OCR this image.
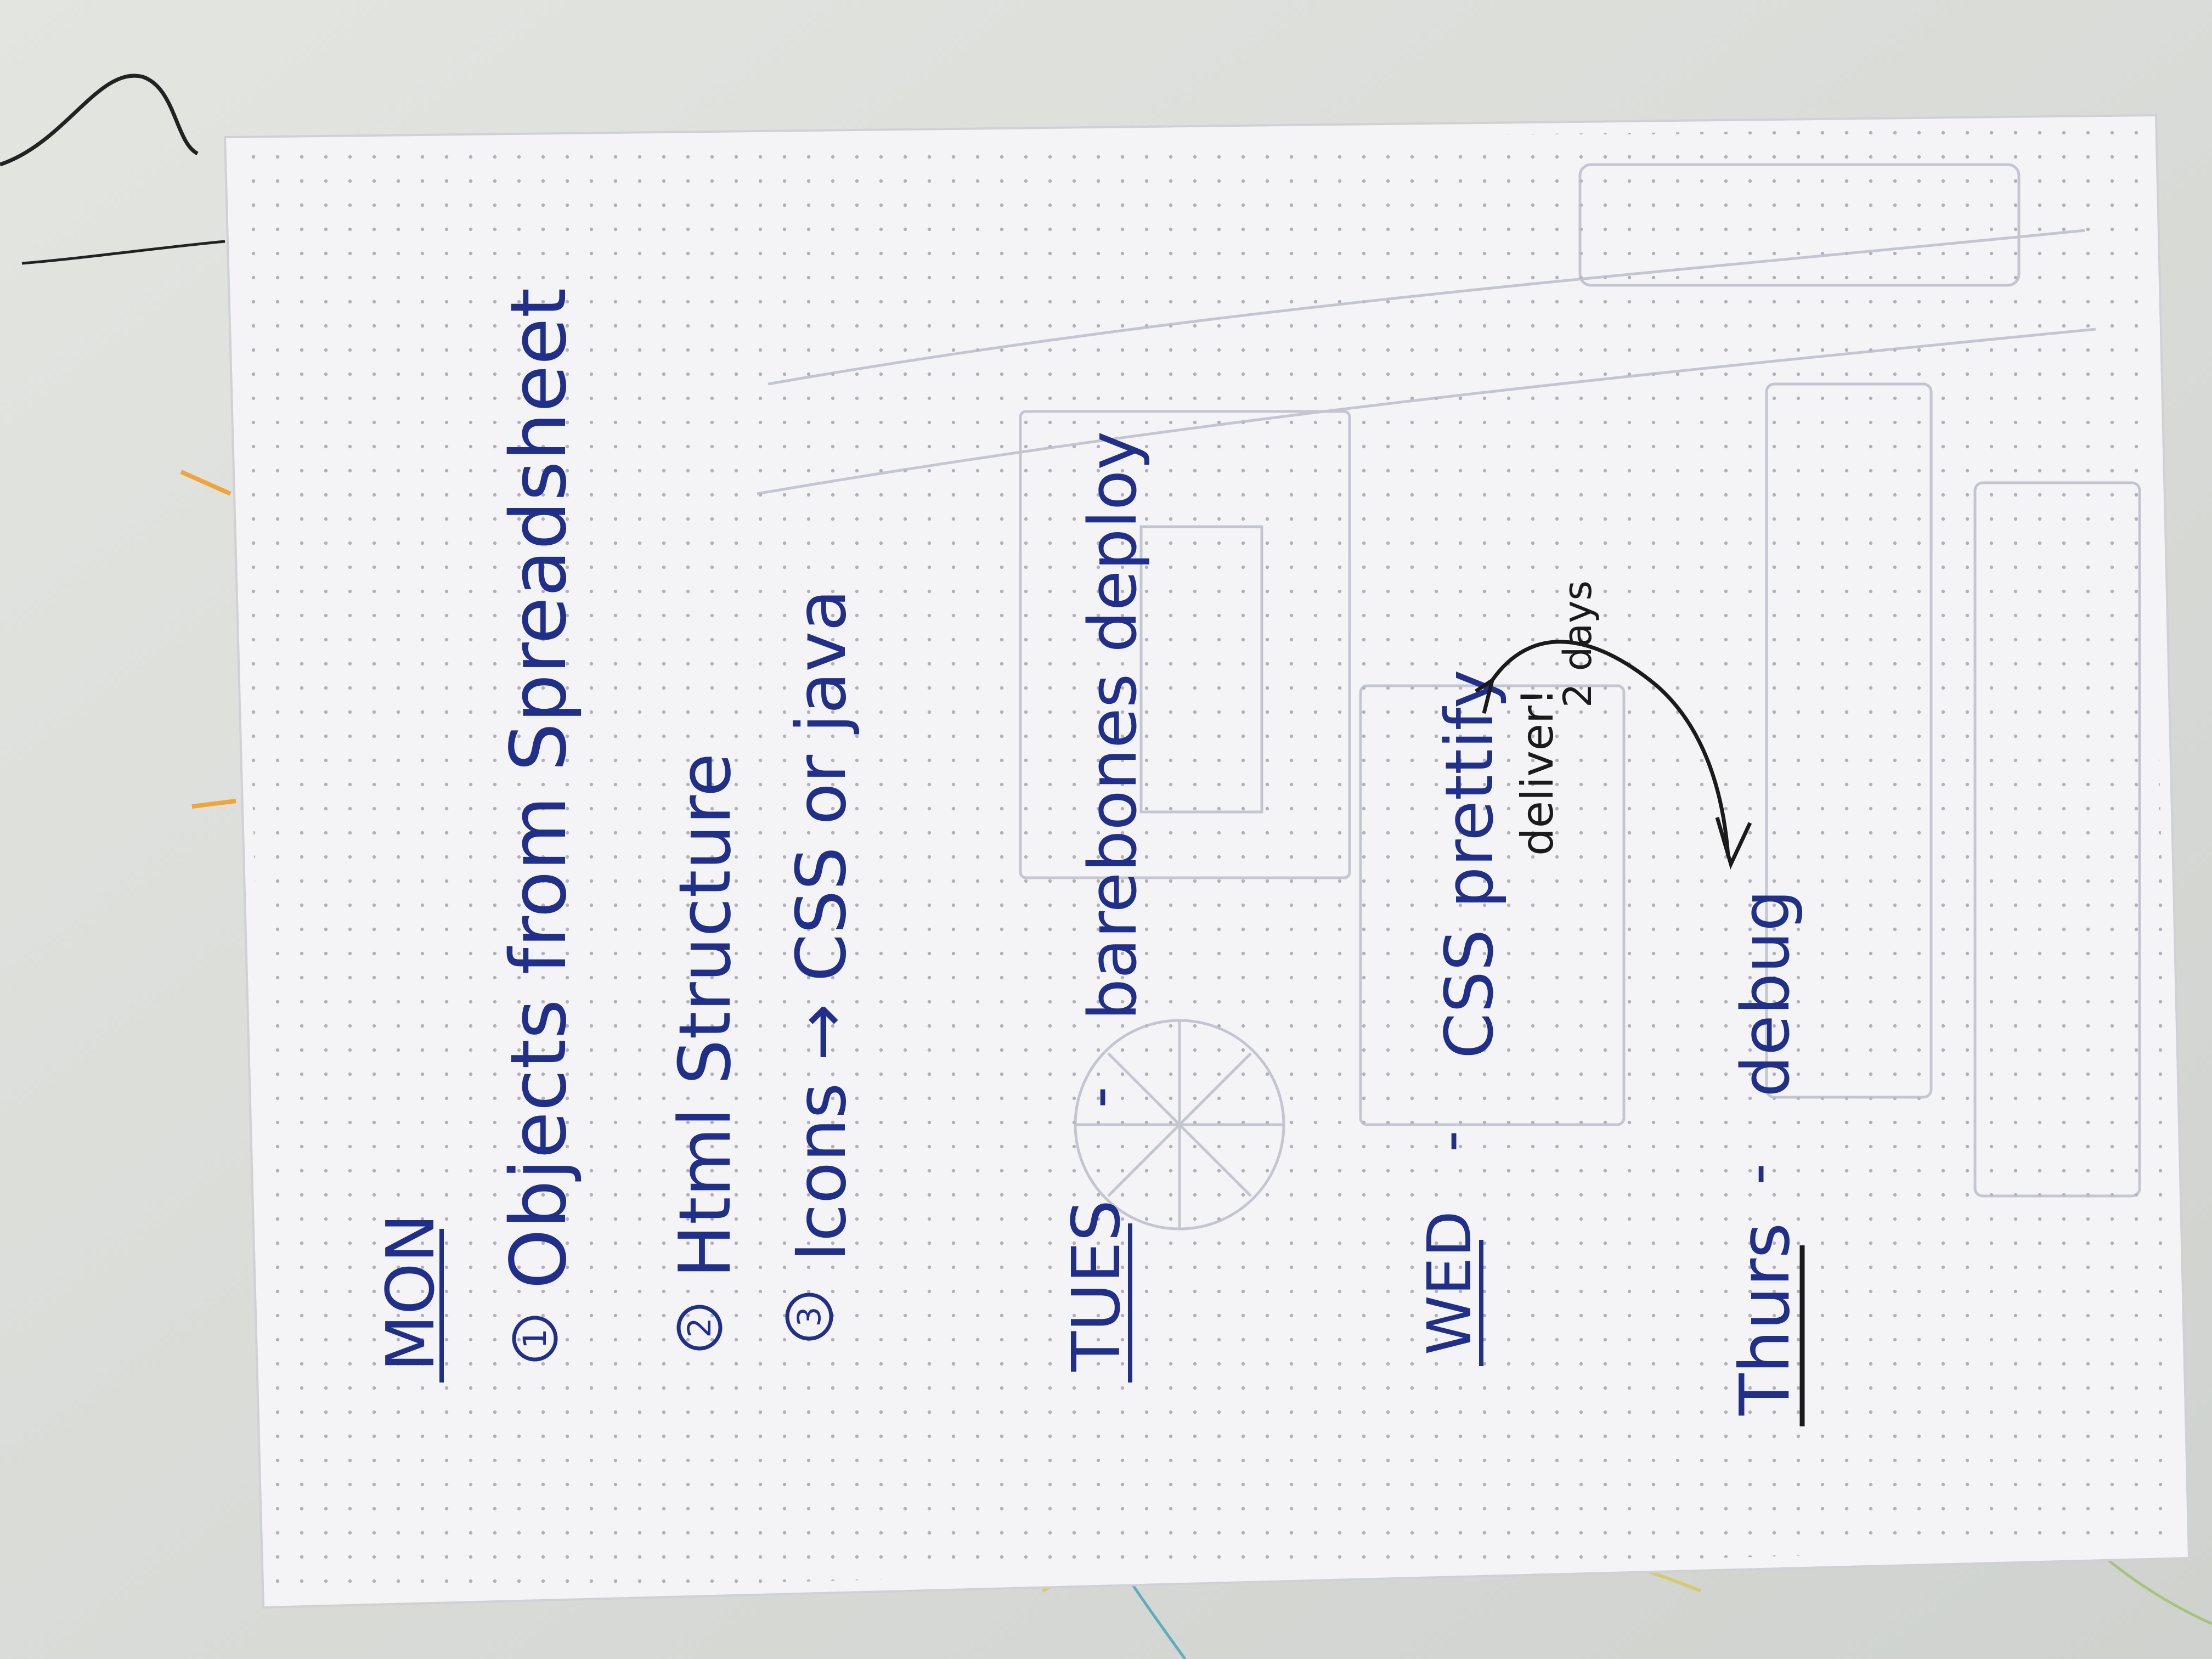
MON 1
Objects from Spreadsheet
2
Html Structure
3
Icons → CSS or java
TUES
-
barebones deploy
WED
-
CSS prettify deliver!
2 days
Thurs
-
debug
